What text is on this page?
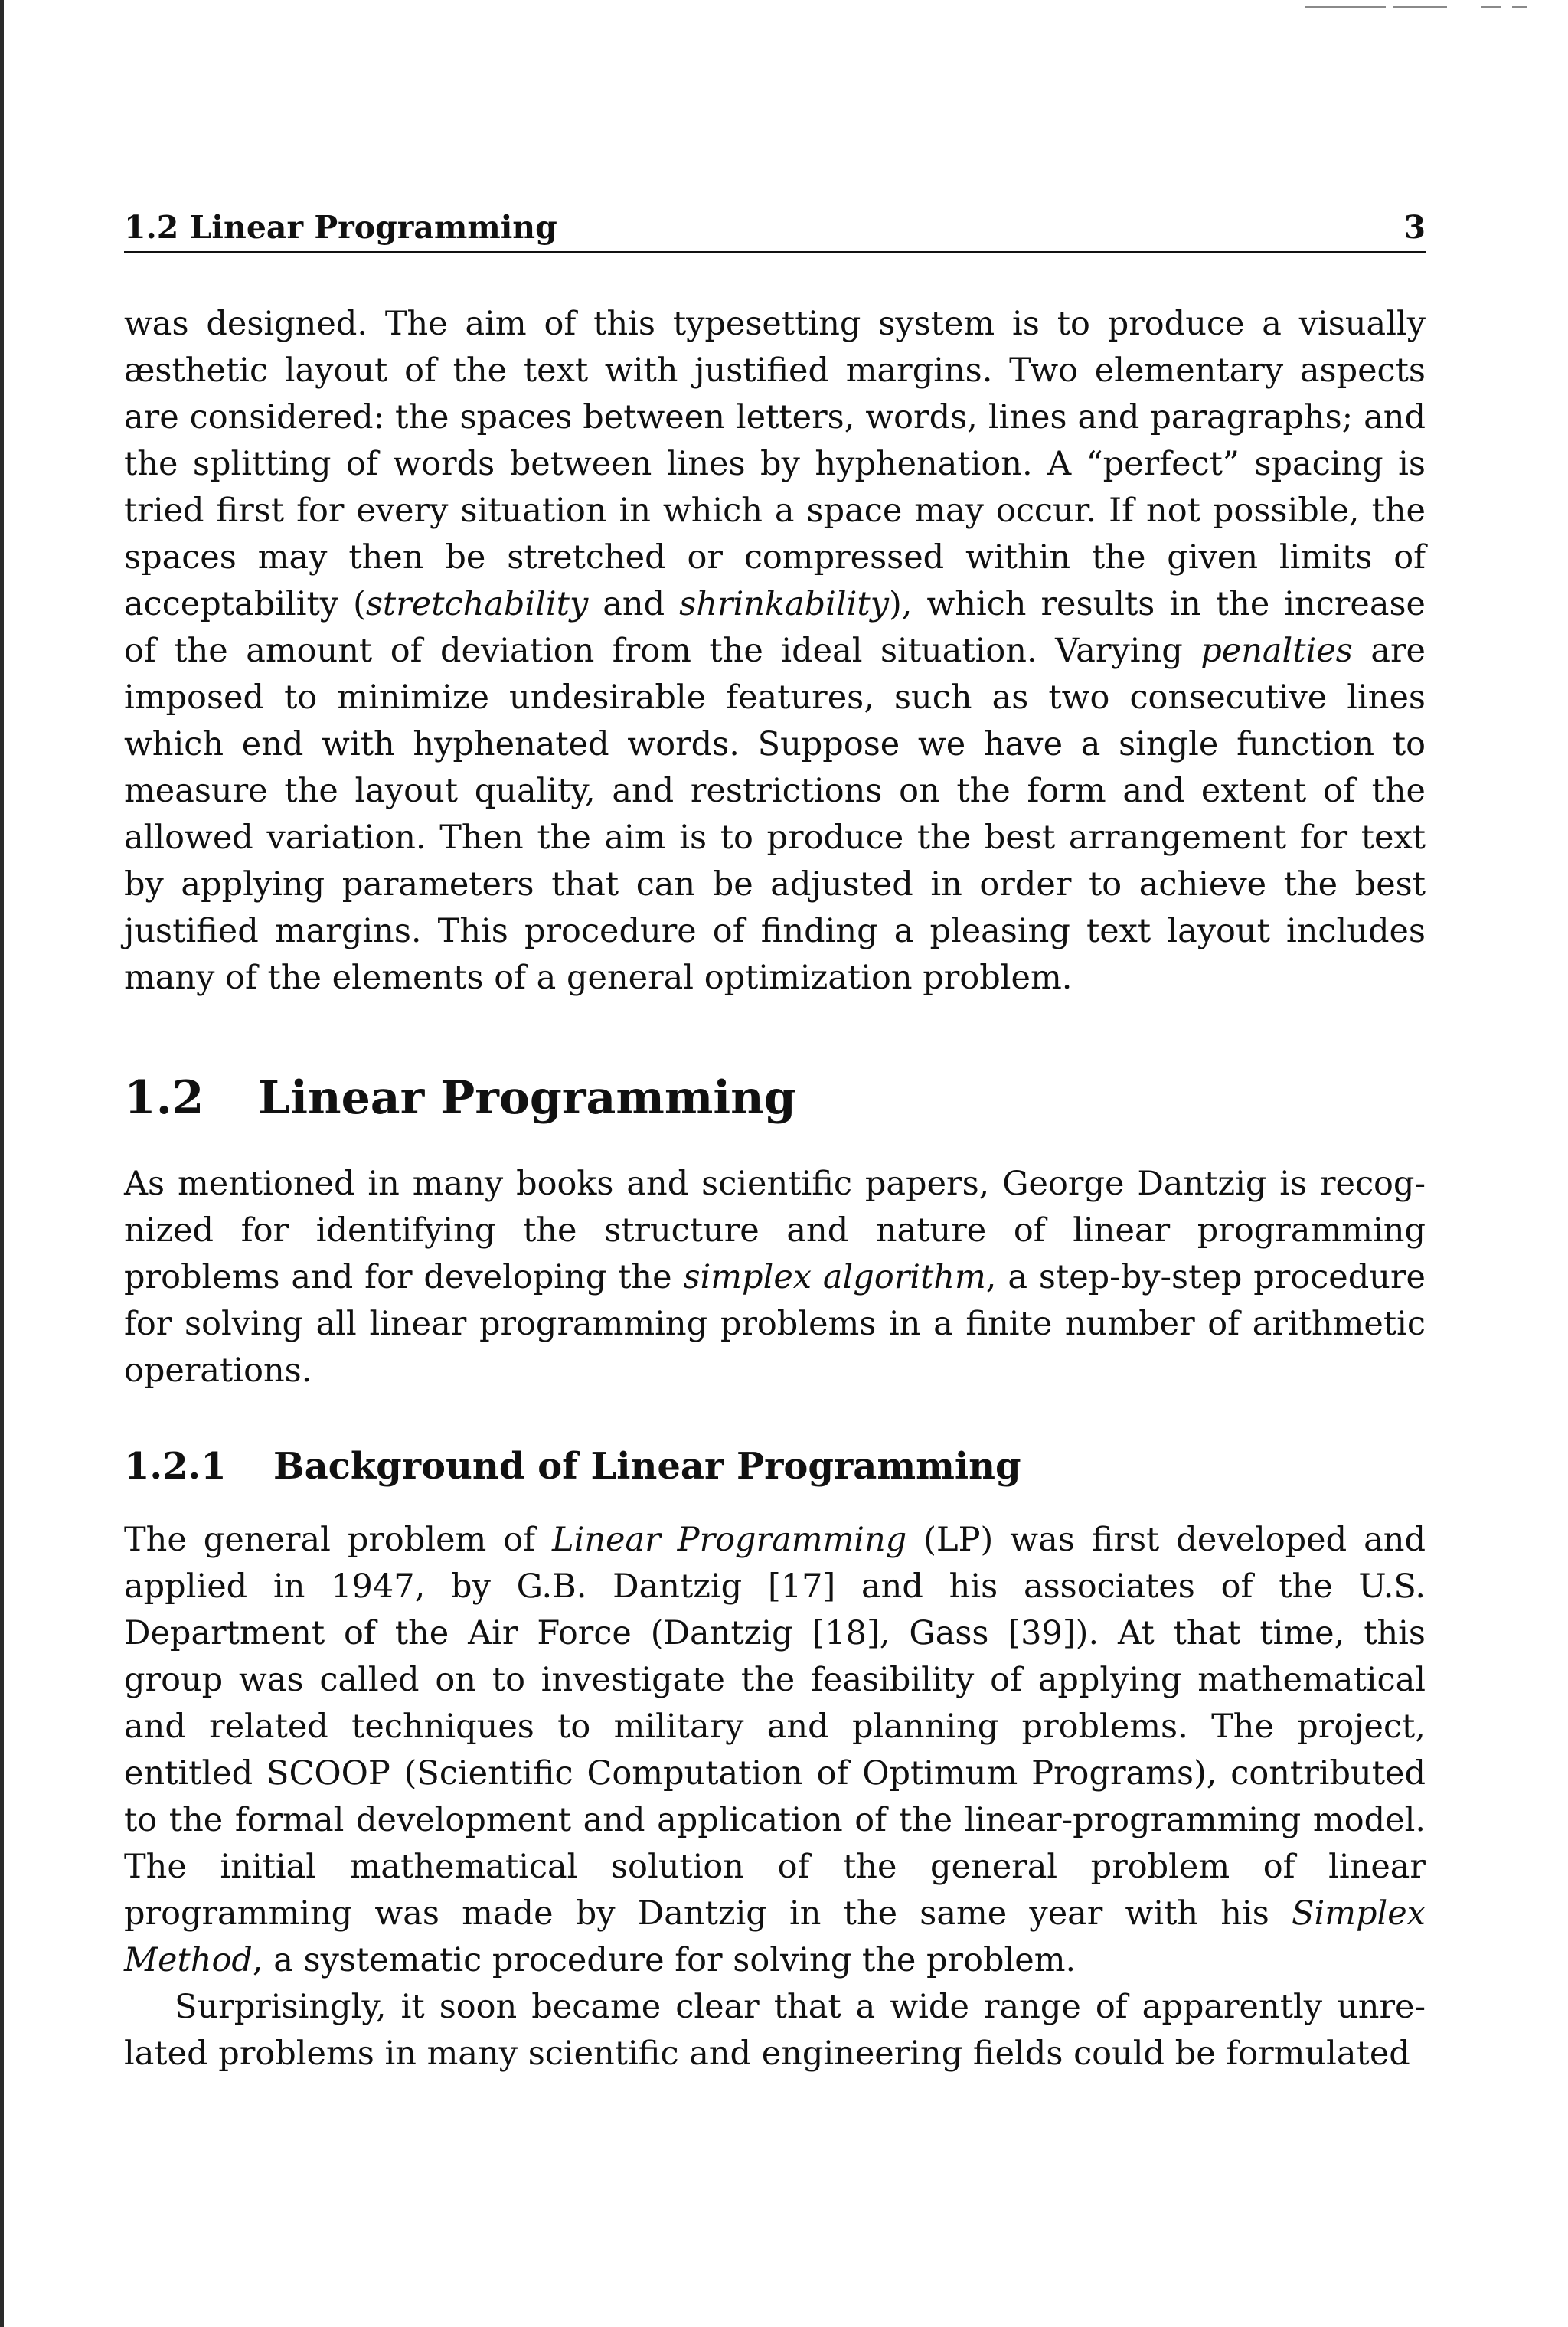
1.2 Linear Programming	3

was designed. The aim of this typesetting system is to produce a visually æsthetic layout of the text with justified margins. Two elementary aspects are considered: the spaces between letters, words, lines and paragraphs; and the splitting of words between lines by hyphenation. A “perfect” spacing is tried first for every situation in which a space may occur. If not possible, the spaces may then be stretched or compressed within the given limits of acceptability (stretchability and shrinkability), which results in the increase of the amount of deviation from the ideal situation. Varying penalties are imposed to minimize undesirable features, such as two consecutive lines which end with hyphenated words. Suppose we have a single function to measure the layout quality, and restrictions on the form and extent of the allowed variation. Then the aim is to produce the best arrangement for text by applying parameters that can be adjusted in order to achieve the best justified margins. This procedure of finding a pleasing text layout includes many of the elements of a general optimization problem.

1.2	Linear Programming

As mentioned in many books and scientific papers, George Dantzig is recognized for identifying the structure and nature of linear programming problems and for developing the simplex algorithm, a step-by-step procedure for solving all linear programming problems in a finite number of arithmetic operations.

1.2.1	Background of Linear Programming

The general problem of Linear Programming (LP) was first developed and applied in 1947, by G.B. Dantzig [17] and his associates of the U.S. Department of the Air Force (Dantzig [18], Gass [39]). At that time, this group was called on to investigate the feasibility of applying mathematical and related techniques to military and planning problems. The project, entitled SCOOP (Scientific Computation of Optimum Programs), contributed to the formal development and application of the linear-programming model. The initial mathematical solution of the general problem of linear programming was made by Dantzig in the same year with his Simplex Method, a systematic procedure for solving the problem.

Surprisingly, it soon became clear that a wide range of apparently unrelated problems in many scientific and engineering fields could be formulated
